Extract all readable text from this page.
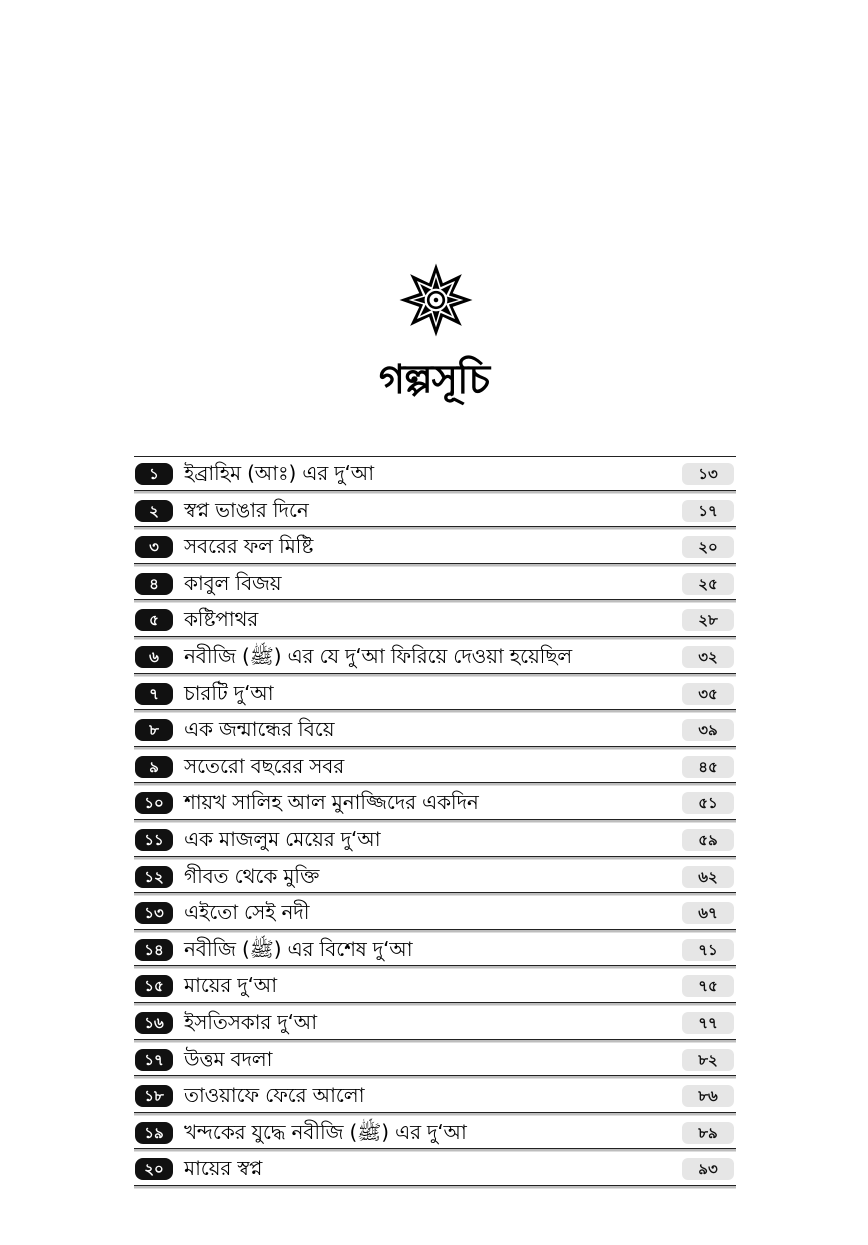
গল্পসূচি
১	ইব্রাহিম (আঃ) এর দু‘আ	১৩
২	স্বপ্ন ভাঙার দিনে	১৭
৩	সবরের ফল মিষ্টি	২০
৪	কাবুল বিজয়	২৫
৫	কষ্টিপাথর	২৮
৬	নবীজি (ﷺ) এর যে দু‘আ ফিরিয়ে দেওয়া হয়েছিল	৩২
৭	চারটি দু‘আ	৩৫
৮	এক জন্মান্ধের বিয়ে	৩৯
৯	সতেরো বছরের সবর	৪৫
১০	শায়খ সালিহ আল মুনাজ্জিদের একদিন	৫১
১১	এক মাজলুম মেয়ের দু‘আ	৫৯
১২	গীবত থেকে মুক্তি	৬২
১৩	এইতো সেই নদী	৬৭
১৪	নবীজি (ﷺ) এর বিশেষ দু‘আ	৭১
১৫	মায়ের দু‘আ	৭৫
১৬	ইসতিসকার দু‘আ	৭৭
১৭	উত্তম বদলা	৮২
১৮	তাওয়াফে ফেরে আলো	৮৬
১৯	খন্দকের যুদ্ধে নবীজি (ﷺ) এর দু‘আ	৮৯
২০	মায়ের স্বপ্ন	৯৩
